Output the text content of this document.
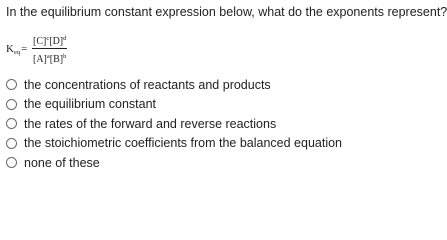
In the equilibrium constant expression below, what do the exponents represent?
$K_{eq}= \frac{[C]^c[D]^d}{[A]^a[B]^b}$
the concentrations of reactants and products
the equilibrium constant
the rates of the forward and reverse reactions
the stoichiometric coefficients from the balanced equation
none of these
